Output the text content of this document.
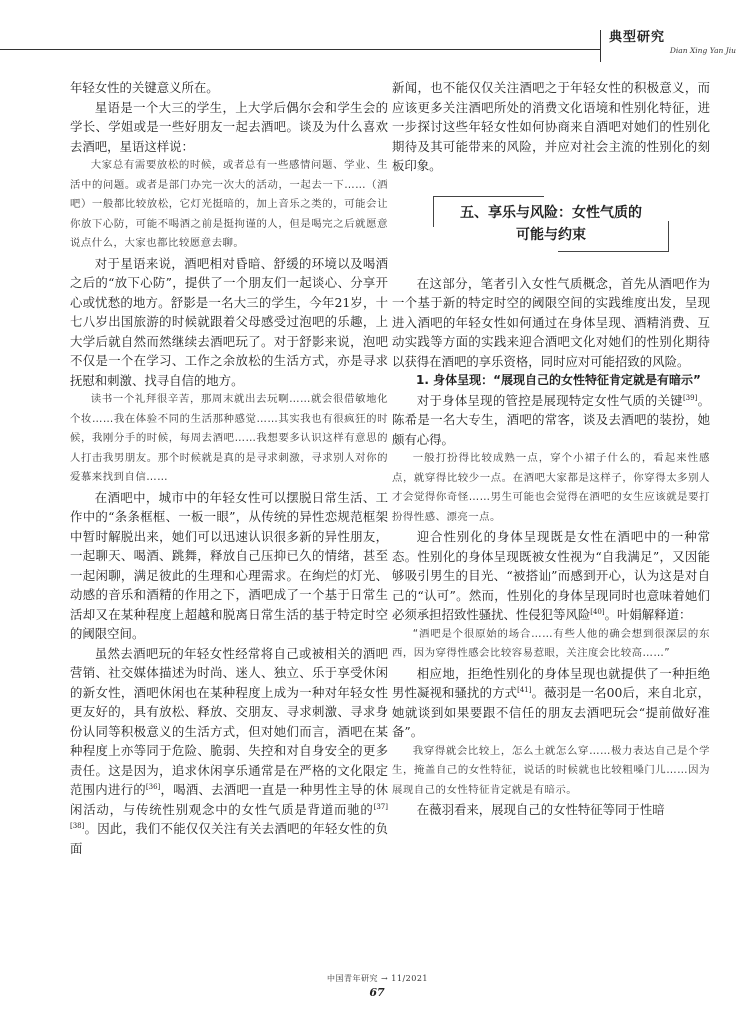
典型研究
Dian Xing Yan Jiu

年轻女性的关键意义所在。

星语是一个大三的学生，上大学后偶尔会和学生会的学长、学姐或是一些好朋友一起去酒吧。谈及为什么喜欢去酒吧，星语这样说：

大家总有需要放松的时候，或者总有一些感情问题、学业、生活中的问题。或者是部门办完一次大的活动，一起去一下……（酒吧）一般都比较放松，它灯光挺暗的，加上音乐之类的，可能会让你放下心防，可能不喝酒之前是挺拘谨的人，但是喝完之后就愿意说点什么，大家也都比较愿意去聊。

对于星语来说，酒吧相对昏暗、舒缓的环境以及喝酒之后的“放下心防”，提供了一个朋友们一起谈心、分享开心或忧愁的地方。舒影是一名大三的学生，今年21岁，十七八岁出国旅游的时候就跟着父母感受过泡吧的乐趣，上大学后就自然而然继续去酒吧玩了。对于舒影来说，泡吧不仅是一个在学习、工作之余放松的生活方式，亦是寻求抚慰和刺激、找寻自信的地方。

读书一个礼拜很辛苦，那周末就出去玩啊……就会很借敏地化个妆……我在体验不同的生活那种感觉……其实我也有很疯狂的时候，我刚分手的时候，每周去酒吧……我想要多认识这样有意思的人打击我男朋友。那个时候就是真的是寻求刺激，寻求别人对你的爱慕来找到自信……

在酒吧中，城市中的年轻女性可以摆脱日常生活、工作中的“条条框框、一板一眼”，从传统的异性恋规范框架中暂时解脱出来，她们可以迅速认识很多新的异性朋友，一起聊天、喝酒、跳舞，释放自己压抑已久的情绪，甚至一起闲聊，满足彼此的生理和心理需求。在绚烂的灯光、动感的音乐和酒精的作用之下，酒吧成了一个基于日常生活却又在某种程度上超越和脱离日常生活的基于特定时空的阈限空间。

虽然去酒吧玩的年轻女性经常将自己或被相关的酒吧营销、社交媒体描述为时尚、迷人、独立、乐于享受休闲的新女性，酒吧休闲也在某种程度上成为一种对年轻女性更友好的，具有放松、释放、交朋友、寻求刺激、寻求身份认同等积极意义的生活方式，但对她们而言，酒吧在某种程度上亦等同于危险、脆弱、失控和对自身安全的更多责任。这是因为，追求休闲享乐通常是在严格的文化限定范围内进行的[36]，喝酒、去酒吧一直是一种男性主导的休闲活动，与传统性别观念中的女性气质是背道而驰的[37][38]。因此，我们不能仅仅关注有关去酒吧的年轻女性的负面

新闻，也不能仅仅关注酒吧之于年轻女性的积极意义，而应该更多关注酒吧所处的消费文化语境和性别化特征，进一步探讨这些年轻女性如何协商来自酒吧对她们的性别化期待及其可能带来的风险，并应对社会主流的性别化的刻板印象。

五、享乐与风险：女性气质的
可能与约束

在这部分，笔者引入女性气质概念，首先从酒吧作为一个基于新的特定时空的阈限空间的实践维度出发，呈现进入酒吧的年轻女性如何通过在身体呈现、酒精消费、互动实践等方面的实践来迎合酒吧文化对她们的性别化期待以获得在酒吧的享乐资格，同时应对可能招致的风险。

1. 身体呈现：“展现自己的女性特征肯定就是有暗示”

对于身体呈现的管控是展现特定女性气质的关键[39]。陈希是一名大专生，酒吧的常客，谈及去酒吧的装扮，她颇有心得。

一般打扮得比较成熟一点，穿个小裙子什么的，看起来性感点，就穿得比较少一点。在酒吧大家都是这样子，你穿得太多别人才会觉得你奇怪……男生可能也会觉得在酒吧的女生应该就是要打扮得性感、漂亮一点。

迎合性别化的身体呈现既是女性在酒吧中的一种常态。性别化的身体呈现既被女性视为“自我满足”，又因能够吸引男生的目光、“被搭讪”而感到开心，认为这是对自己的“认可”。然而，性别化的身体呈现同时也意味着她们必须承担招致性骚扰、性侵犯等风险[40]。叶娟解释道：

“酒吧是个很原始的场合……有些人他的确会想到很深层的东西，因为穿得性感会比较容易惹眼，关注度会比较高……”

相应地，拒绝性别化的身体呈现也就提供了一种拒绝男性凝视和骚扰的方式[41]。薇羽是一名00后，来自北京，她就谈到如果要跟不信任的朋友去酒吧玩会“提前做好准备”。

我穿得就会比较上，怎么土就怎么穿……极力表达自己是个学生，掩盖自己的女性特征，说话的时候就也比较粗嗓门儿……因为展现自己的女性特征肯定就是有暗示。

在薇羽看来，展现自己的女性特征等同于性暗

中国青年研究 → 11/2021
67
